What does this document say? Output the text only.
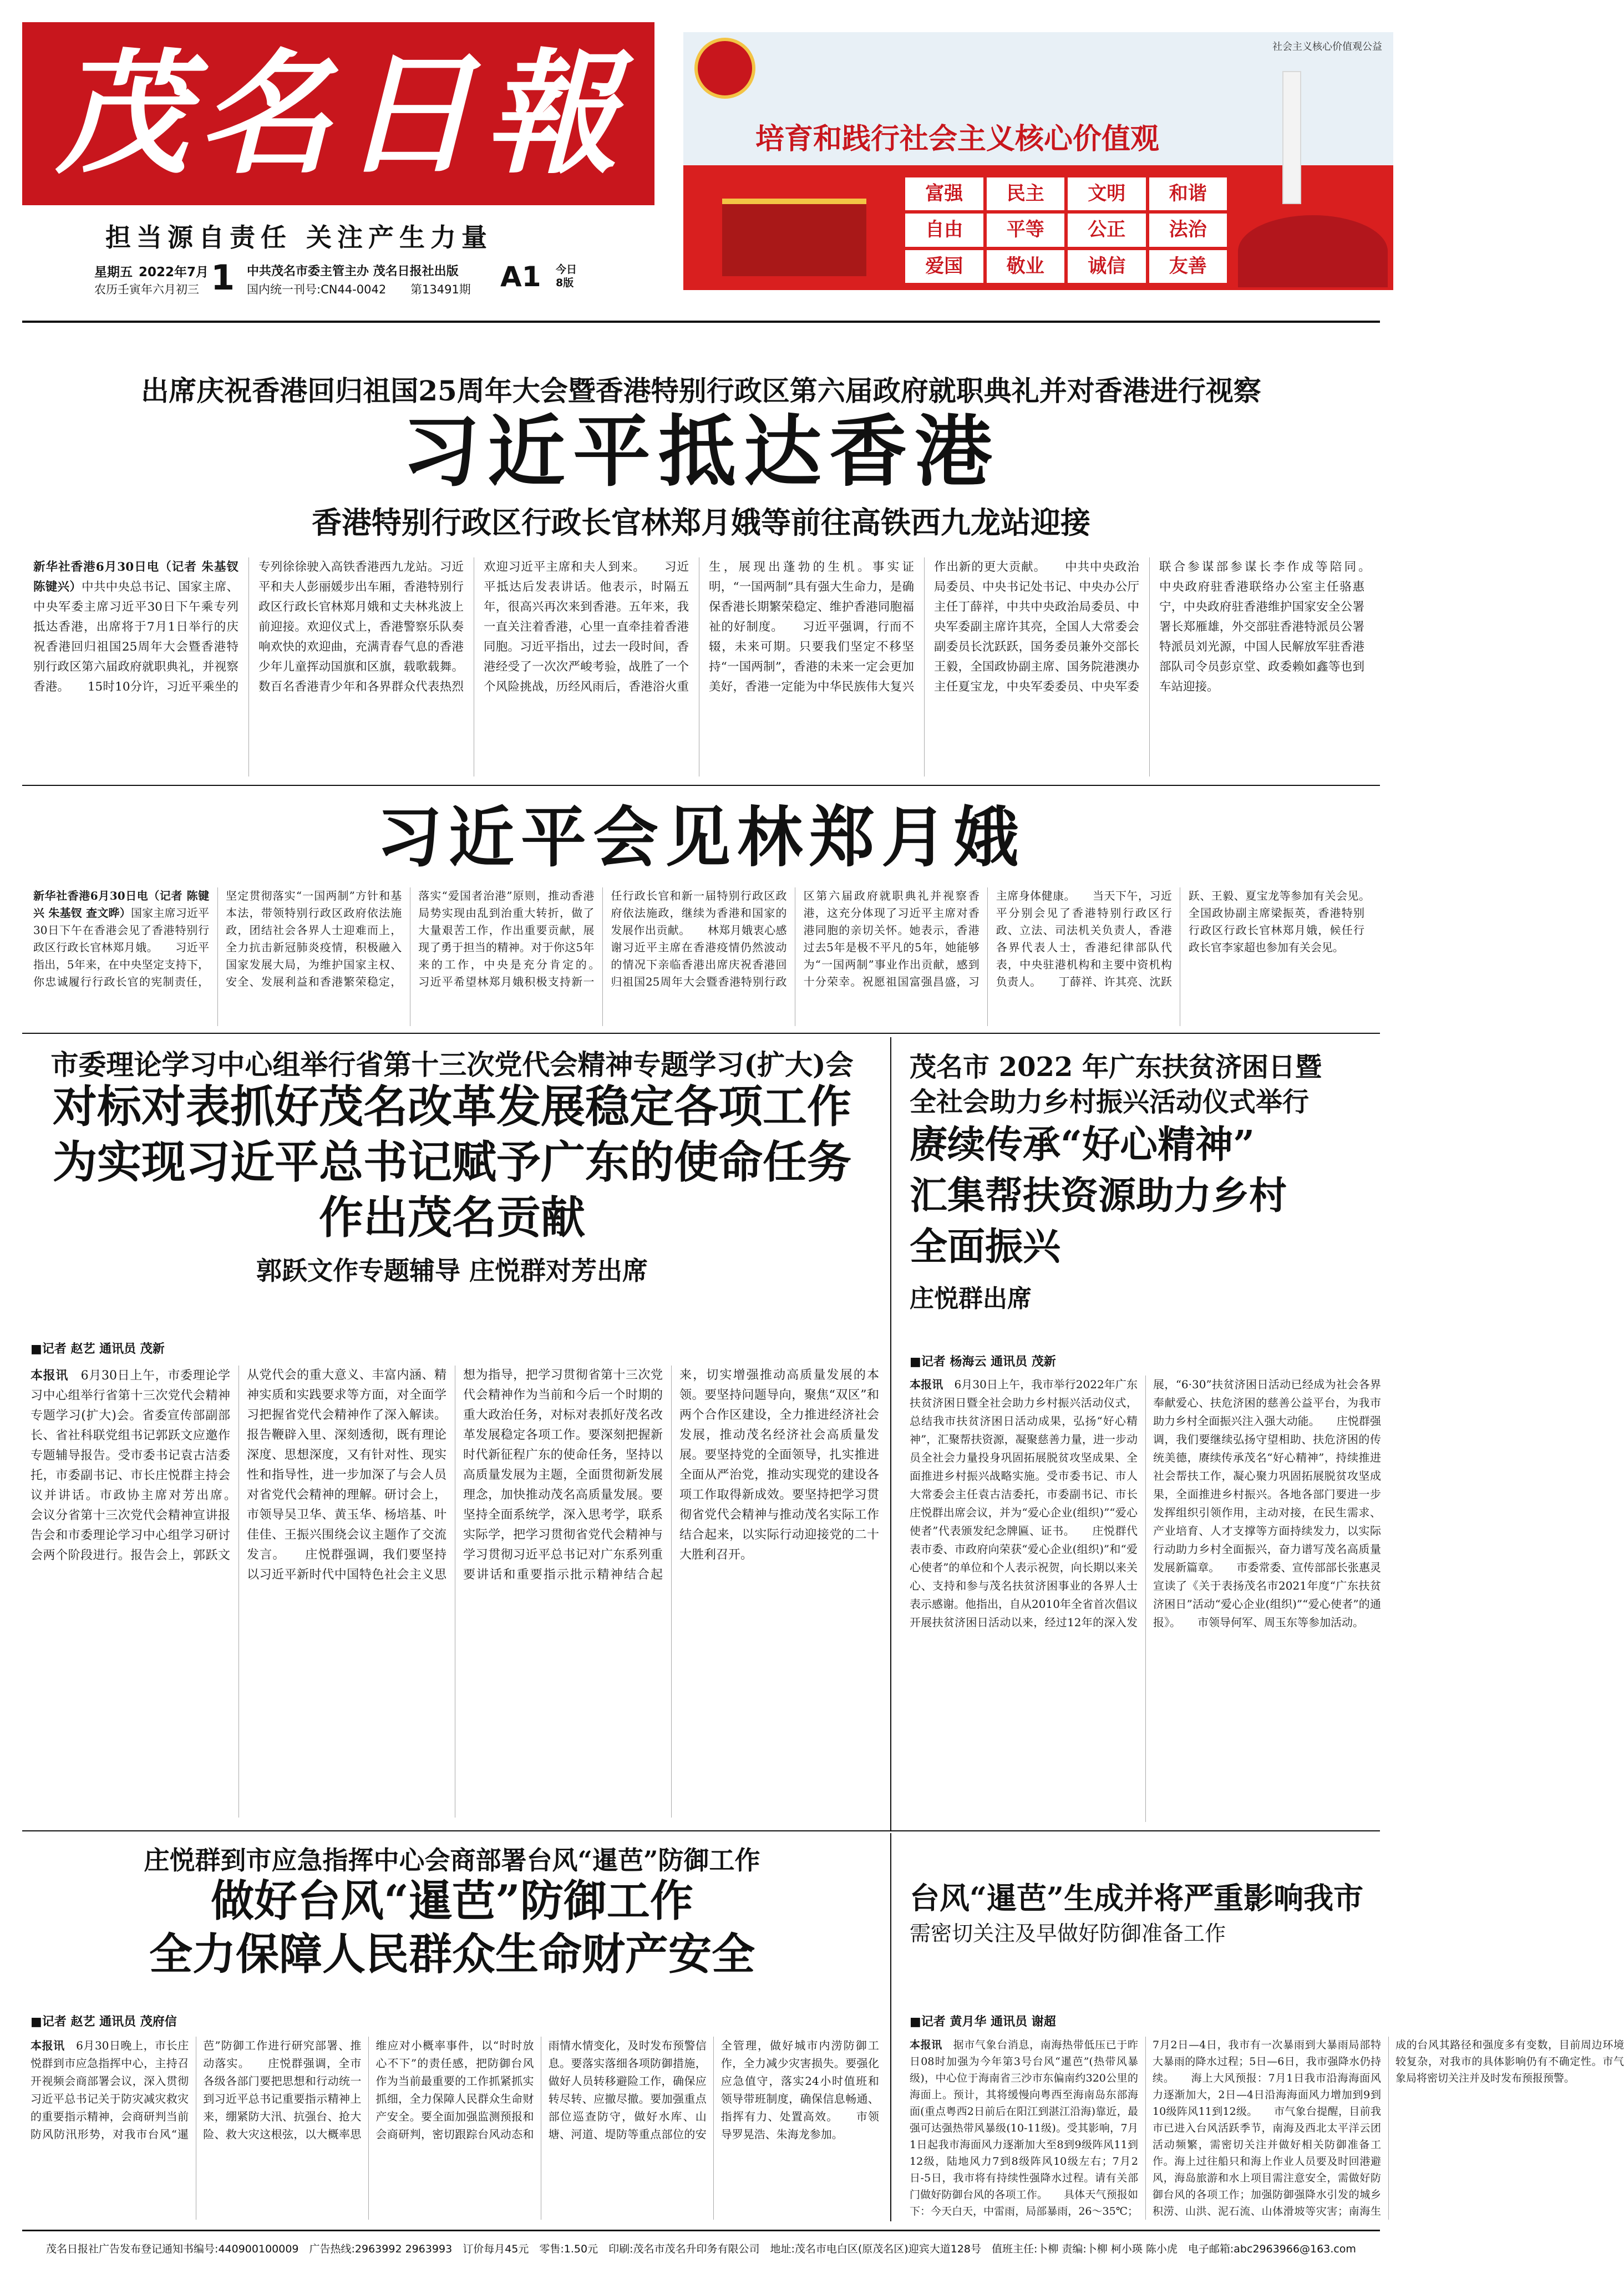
茂名日報
担当源自责任 关注产生力量
星期五 2022年7月
农历壬寅年六月初三 1 中共茂名市委主管主办 茂名日报社出版
国内统一刊号:CN44-0042 第13491期 A1 今日
8版
社会主义核心价值观公益
培育和践行社会主义核心价值观
富强	民主	文明	和谐
自由	平等	公正	法治
爱国	敬业	诚信	友善
出席庆祝香港回归祖国25周年大会暨香港特别行政区第六届政府就职典礼并对香港进行视察
习近平抵达香港
香港特别行政区行政长官林郑月娥等前往高铁西九龙站迎接
新华社香港6月30日电（记者 朱基钗 陈键兴）中共中央总书记、国家主席、中央军委主席习近平30日下午乘专列抵达香港，出席将于7月1日举行的庆祝香港回归祖国25周年大会暨香港特别行政区第六届政府就职典礼，并视察香港。　　15时10分许，习近平乘坐的专列徐徐驶入高铁香港西九龙站。习近平和夫人彭丽媛步出车厢，香港特别行政区行政长官林郑月娥和丈夫林兆波上前迎接。欢迎仪式上，香港警察乐队奏响欢快的欢迎曲，充满青春气息的香港少年儿童挥动国旗和区旗，载歌载舞。数百名香港青少年和各界群众代表热烈欢迎习近平主席和夫人到来。　　习近平抵达后发表讲话。他表示，时隔五年，很高兴再次来到香港。五年来，我一直关注着香港，心里一直牵挂着香港同胞。习近平指出，过去一段时间，香港经受了一次次严峻考验，战胜了一个个风险挑战，历经风雨后，香港浴火重生，展现出蓬勃的生机。事实证明，“一国两制”具有强大生命力，是确保香港长期繁荣稳定、维护香港同胞福祉的好制度。　　习近平强调，行而不辍，未来可期。只要我们坚定不移坚持“一国两制”，香港的未来一定会更加美好，香港一定能为中华民族伟大复兴作出新的更大贡献。　　中共中央政治局委员、中央书记处书记、中央办公厅主任丁薛祥，中共中央政治局委员、中央军委副主席许其亮，全国人大常委会副委员长沈跃跃，国务委员兼外交部长王毅，全国政协副主席、国务院港澳办主任夏宝龙，中央军委委员、中央军委联合参谋部参谋长李作成等陪同。　　中央政府驻香港联络办公室主任骆惠宁，中央政府驻香港维护国家安全公署署长郑雁雄，外交部驻香港特派员公署特派员刘光源，中国人民解放军驻香港部队司令员彭京堂、政委赖如鑫等也到车站迎接。
习近平会见林郑月娥
新华社香港6月30日电（记者 陈键兴 朱基钗 查文晔）国家主席习近平30日下午在香港会见了香港特别行政区行政长官林郑月娥。　　习近平指出，5年来，在中央坚定支持下，你忠诚履行行政长官的宪制责任，坚定贯彻落实“一国两制”方针和基本法，带领特别行政区政府依法施政，团结社会各界人士迎难而上，全力抗击新冠肺炎疫情，积极融入国家发展大局，为维护国家主权、安全、发展利益和香港繁荣稳定，落实“爱国者治港”原则，推动香港局势实现由乱到治重大转折，做了大量艰苦工作，作出重要贡献，展现了勇于担当的精神。对于你这5年来的工作，中央是充分肯定的。　　习近平希望林郑月娥积极支持新一任行政长官和新一届特别行政区政府依法施政，继续为香港和国家的发展作出贡献。　　林郑月娥衷心感谢习近平主席在香港疫情仍然波动的情况下亲临香港出席庆祝香港回归祖国25周年大会暨香港特别行政区第六届政府就职典礼并视察香港，这充分体现了习近平主席对香港同胞的亲切关怀。她表示，香港过去5年是极不平凡的5年，她能够为“一国两制”事业作出贡献，感到十分荣幸。祝愿祖国富强昌盛，习主席身体健康。　　当天下午，习近平分别会见了香港特别行政区行政、立法、司法机关负责人，香港各界代表人士，香港纪律部队代表，中央驻港机构和主要中资机构负责人。　　丁薛祥、许其亮、沈跃跃、王毅、夏宝龙等参加有关会见。　　全国政协副主席梁振英，香港特别行政区行政长官林郑月娥，候任行政长官李家超也参加有关会见。
市委理论学习中心组举行省第十三次党代会精神专题学习(扩大)会
对标对表抓好茂名改革发展稳定各项工作
为实现习近平总书记赋予广东的使命任务
作出茂名贡献
郭跃文作专题辅导 庄悦群对芳出席
■记者 赵艺 通讯员 茂新
本报讯　 6月30日上午，市委理论学习中心组举行省第十三次党代会精神专题学习(扩大)会。省委宣传部副部长、省社科联党组书记郭跃文应邀作专题辅导报告。受市委书记袁古洁委托，市委副书记、市长庄悦群主持会议并讲话。市政协主席对芳出席。　　会议分省第十三次党代会精神宣讲报告会和市委理论学习中心组学习研讨会两个阶段进行。报告会上，郭跃文从党代会的重大意义、丰富内涵、精神实质和实践要求等方面，对全面学习把握省党代会精神作了深入解读。报告鞭辟入里、深刻透彻，既有理论深度、思想深度，又有针对性、现实性和指导性，进一步加深了与会人员对省党代会精神的理解。研讨会上，市领导吴卫华、黄玉华、杨培基、叶佳佳、王振兴围绕会议主题作了交流发言。　　庄悦群强调，我们要坚持以习近平新时代中国特色社会主义思想为指导，把学习贯彻省第十三次党代会精神作为当前和今后一个时期的重大政治任务，对标对表抓好茂名改革发展稳定各项工作。要深刻把握新时代新征程广东的使命任务，坚持以高质量发展为主题，全面贯彻新发展理念，加快推动茂名高质量发展。要坚持全面系统学，深入思考学，联系实际学，把学习贯彻省党代会精神与学习贯彻习近平总书记对广东系列重要讲话和重要指示批示精神结合起来，切实增强推动高质量发展的本领。要坚持问题导向，聚焦“双区”和两个合作区建设，全力推进经济社会发展，推动茂名经济社会高质量发展。要坚持党的全面领导，扎实推进全面从严治党，推动实现党的建设各项工作取得新成效。要坚持把学习贯彻省党代会精神与推动茂名实际工作结合起来，以实际行动迎接党的二十大胜利召开。
茂名市 2022 年广东扶贫济困日暨
全社会助力乡村振兴活动仪式举行
赓续传承“好心精神”
汇集帮扶资源助力乡村
全面振兴
庄悦群出席
■记者 杨海云 通讯员 茂新
本报讯　 6月30日上午，我市举行2022年广东扶贫济困日暨全社会助力乡村振兴活动仪式，总结我市扶贫济困日活动成果，弘扬“好心精神”，汇聚帮扶资源，凝聚慈善力量，进一步动员全社会力量投身巩固拓展脱贫攻坚成果、全面推进乡村振兴战略实施。受市委书记、市人大常委会主任袁古洁委托，市委副书记、市长庄悦群出席会议，并为“爱心企业(组织)”“爱心使者”代表颁发纪念牌匾、证书。　　庄悦群代表市委、市政府向荣获“爱心企业(组织)”和“爱心使者”的单位和个人表示祝贺，向长期以来关心、支持和参与茂名扶贫济困事业的各界人士表示感谢。他指出，自从2010年全省首次倡议开展扶贫济困日活动以来，经过12年的深入发展，“6·30”扶贫济困日活动已经成为社会各界奉献爱心、扶危济困的慈善公益平台，为我市助力乡村全面振兴注入强大动能。　　庄悦群强调，我们要继续弘扬守望相助、扶危济困的传统美德，赓续传承茂名“好心精神”，持续推进社会帮扶工作，凝心聚力巩固拓展脱贫攻坚成果，全面推进乡村振兴。各地各部门要进一步发挥组织引领作用，主动对接，在民生需求、产业培育、人才支撑等方面持续发力，以实际行动助力乡村全面振兴，奋力谱写茂名高质量发展新篇章。　　市委常委、宣传部部长张惠灵宣读了《关于表扬茂名市2021年度“广东扶贫济困日”活动“爱心企业(组织)”“爱心使者”的通报》。　　市领导何军、周玉东等参加活动。
庄悦群到市应急指挥中心会商部署台风“暹芭”防御工作
做好台风“暹芭”防御工作
全力保障人民群众生命财产安全
■记者 赵艺 通讯员 茂府信
本报讯　 6月30日晚上，市长庄悦群到市应急指挥中心，主持召开视频会商部署会议，深入贯彻习近平总书记关于防灾减灾救灾的重要指示精神，会商研判当前防风防汛形势，对我市台风“暹芭”防御工作进行研究部署、推动落实。　　庄悦群强调，全市各级各部门要把思想和行动统一到习近平总书记重要指示精神上来，绷紧防大汛、抗强台、抢大险、救大灾这根弦，以大概率思维应对小概率事件，以“时时放心不下”的责任感，把防御台风作为当前最重要的工作抓紧抓实抓细，全力保障人民群众生命财产安全。要全面加强监测预报和会商研判，密切跟踪台风动态和雨情水情变化，及时发布预警信息。要落实落细各项防御措施，做好人员转移避险工作，确保应转尽转、应撤尽撤。要加强重点部位巡查防守，做好水库、山塘、河道、堤防等重点部位的安全管理，做好城市内涝防御工作，全力减少灾害损失。要强化应急值守，落实24小时值班和领导带班制度，确保信息畅通、指挥有力、处置高效。　　市领导罗晃浩、朱海龙参加。
台风“暹芭”生成并将严重影响我市
需密切关注及早做好防御准备工作
■记者 黄月华 通讯员 谢超
本报讯　 据市气象台消息，南海热带低压已于昨日08时加强为今年第3号台风“暹芭”(热带风暴级)，中心位于海南省三沙市东偏南约320公里的海面上。预计，其将缓慢向粤西至海南岛东部海面(重点粤西2日前后在阳江到湛江沿海)靠近，最强可达强热带风暴级(10-11级)。受其影响，7月1日起我市海面风力逐渐加大至8到9级阵风11到12级，陆地风力7到8级阵风10级左右；7月2日-5日，我市将有持续性强降水过程。请有关部门做好防御台风的各项工作。　　具体天气预报如下：今天白天，中雷雨，局部暴雨，26～35℃；7月2日—4日，我市有一次暴雨到大暴雨局部特大暴雨的降水过程；5日—6日，我市强降水仍持续。　　海上大风预报：7月1日我市沿海海面风力逐渐加大，2日—4日沿海海面风力增加到9到10级阵风11到12级。　　市气象台提醒，目前我市已进入台风活跃季节，南海及西北太平洋云团活动频繁，需密切关注并做好相关防御准备工作。海上过往船只和海上作业人员要及时回港避风，海岛旅游和水上项目需注意安全，需做好防御台风的各项工作；加强防御强降水引发的城乡积涝、山洪、泥石流、山体滑坡等灾害；南海生成的台风其路径和强度多有变数，目前周边环境较复杂，对我市的具体影响仍有不确定性。市气象局将密切关注并及时发布预报预警。
茂名日报社广告发布登记通知书编号:440900100009　广告热线:2963992 2963993　订价每月45元　零售:1.50元　印刷:茂名市茂名升印务有限公司　地址:茂名市电白区(原茂名区)迎宾大道128号　值班主任:卜柳 责编:卜柳 柯小瑛 陈小虎　电子邮箱:abc2963966@163.com
